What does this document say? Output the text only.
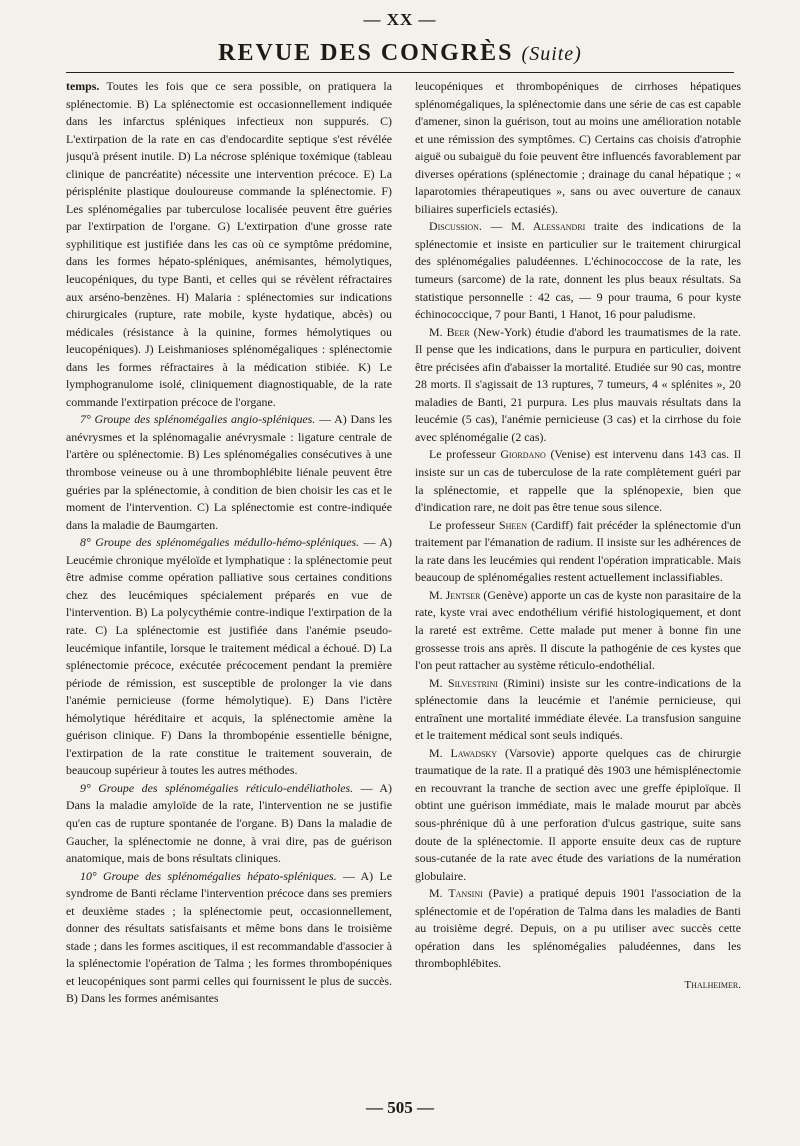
— XX —
REVUE DES CONGRÈS (Suite)

temps. Toutes les fois que ce sera possible, on pratiquera la splénectomie. B) La splénectomie est occasionnellement indiquée dans les infarctus spléniques infectieux non suppurés. C) L'extirpation de la rate en cas d'endocardite septique s'est révélée jusqu'à présent inutile. D) La nécrose splénique toxémique (tableau clinique de pancréatite) nécessite une intervention précoce. E) La périsplénite plastique douloureuse commande la splénectomie. F) Les splénomégalies par tuberculose localisée peuvent être guéries par l'extirpation de l'organe. G) L'extirpation d'une grosse rate syphilitique est justifiée dans les cas où ce symptôme prédomine, dans les formes hépato-spléniques, anémisantes, hémolytiques, leucopéniques, du type Banti, et celles qui se révèlent réfractaires aux arséno-benzènes. H) Malaria : splénectomies sur indications chirurgicales (rupture, rate mobile, kyste hydatique, abcès) ou médicales (résistance à la quinine, formes hémolytiques ou leucopéniques). J) Leishmanioses splénomégaliques : splénectomie dans les formes réfractaires à la médication stibiée. K) Le lymphogranulome isolé, cliniquement diagnostiquable, de la rate commande l'extirpation précoce de l'organe.

7° Groupe des splénomégalies angio-spléniques. — A) Dans les anévrysmes et la splénomagalie anévrysmale : ligature centrale de l'artère ou splénectomie. B) Les splénomégalies consécutives à une thrombose veineuse ou à une thrombophlébite liénale peuvent être guéries par la splénectomie, à condition de bien choisir les cas et le moment de l'intervention. C) La splénectomie est contre-indiquée dans la maladie de Baumgarten.

8° Groupe des splénomégalies médullo-hémo-spléniques. — A) Leucémie chronique myéloïde et lymphatique : la splénectomie peut être admise comme opération palliative sous certaines conditions chez des leucémiques spécialement préparés en vue de l'intervention. B) La polycythémie contre-indique l'extirpation de la rate. C) La splénectomie est justifiée dans l'anémie pseudo-leucémique infantile, lorsque le traitement médical a échoué. D) La splénectomie précoce, exécutée précocement pendant la première période de rémission, est susceptible de prolonger la vie dans l'anémie pernicieuse (forme hémolytique). E) Dans l'ictère hémolytique héréditaire et acquis, la splénectomie amène la guérison clinique. F) Dans la thrombopénie essentielle bénigne, l'extirpation de la rate constitue le traitement souverain, de beaucoup supérieur à toutes les autres méthodes.

9° Groupe des splénomégalies réticulo-endéliatholes. — A) Dans la maladie amyloïde de la rate, l'intervention ne se justifie qu'en cas de rupture spontanée de l'organe. B) Dans la maladie de Gaucher, la splénectomie ne donne, à vrai dire, pas de guérison anatomique, mais de bons résultats cliniques.

10° Groupe des splénomégalies hépato-spléniques. — A) Le syndrome de Banti réclame l'intervention précoce dans ses premiers et deuxième stades ; la splénectomie peut, occasionnellement, donner des résultats satisfaisants et même bons dans le troisième stade ; dans les formes ascitiques, il est recommandable d'associer à la splénectomie l'opération de Talma ; les formes thrombopéniques et leucopéniques sont parmi celles qui fournissent le plus de succès. B) Dans les formes anémisantes

leucopéniques et thrombopéniques de cirrhoses hépatiques splénomégaliques, la splénectomie dans une série de cas est capable d'amener, sinon la guérison, tout au moins une amélioration notable et une rémission des symptômes. C) Certains cas choisis d'atrophie aiguë ou subaiguë du foie peuvent être influencés favorablement par diverses opérations (splénectomie ; drainage du canal hépatique ; « laparotomies thérapeutiques », sans ou avec ouverture de canaux biliaires superficiels ectasiés).

Discussion. — M. Alessandri traite des indications de la splénectomie et insiste en particulier sur le traitement chirurgical des splénomégalies paludéennes. L'échinococcose de la rate, les tumeurs (sarcome) de la rate, donnent les plus beaux résultats. Sa statistique personnelle : 42 cas, — 9 pour trauma, 6 pour kyste échinococcique, 7 pour Banti, 1 Hanot, 16 pour paludisme.

M. Beer (New-York) étudie d'abord les traumatismes de la rate. Il pense que les indications, dans le purpura en particulier, doivent être précisées afin d'abaisser la mortalité. Etudiée sur 90 cas, montre 28 morts. Il s'agissait de 13 ruptures, 7 tumeurs, 4 « splénites », 20 maladies de Banti, 21 purpura. Les plus mauvais résultats dans la leucémie (5 cas), l'anémie pernicieuse (3 cas) et la cirrhose du foie avec splénomégalie (2 cas).

Le professeur Giordano (Venise) est intervenu dans 143 cas. Il insiste sur un cas de tuberculose de la rate complètement guéri par la splénectomie, et rappelle que la splénopexie, bien que d'indication rare, ne doit pas être tenue sous silence.

Le professeur Sheen (Cardiff) fait précéder la splénectomie d'un traitement par l'émanation de radium. Il insiste sur les adhérences de la rate dans les leucémies qui rendent l'opération impraticable. Mais beaucoup de splénomégalies restent actuellement inclassifiables.

M. Jentser (Genève) apporte un cas de kyste non parasitaire de la rate, kyste vrai avec endothélium vérifié histologiquement, et dont la rareté est extrême. Cette malade put mener à bonne fin une grossesse trois ans après. Il discute la pathogénie de ces kystes que l'on peut rattacher au système réticulo-endothélial.

M. Silvestrini (Rimini) insiste sur les contre-indications de la splénectomie dans la leucémie et l'anémie pernicieuse, qui entraînent une mortalité immédiate élevée. La transfusion sanguine et le traitement médical sont seuls indiqués.

M. Lawadsky (Varsovie) apporte quelques cas de chirurgie traumatique de la rate. Il a pratiqué dès 1903 une hémisplénectomie en recouvrant la tranche de section avec une greffe épiploïque. Il obtint une guérison immédiate, mais le malade mourut par abcès sous-phrénique dû à une perforation d'ulcus gastrique, suite sans doute de la splénectomie. Il apporte ensuite deux cas de rupture sous-cutanée de la rate avec étude des variations de la numération globulaire.

M. Tansini (Pavie) a pratiqué depuis 1901 l'association de la splénectomie et de l'opération de Talma dans les maladies de Banti au troisième degré. Depuis, on a pu utiliser avec succès cette opération dans les splénomégalies paludéennes, dans les thrombophlébites.

Thalheimer.

— 505 —
